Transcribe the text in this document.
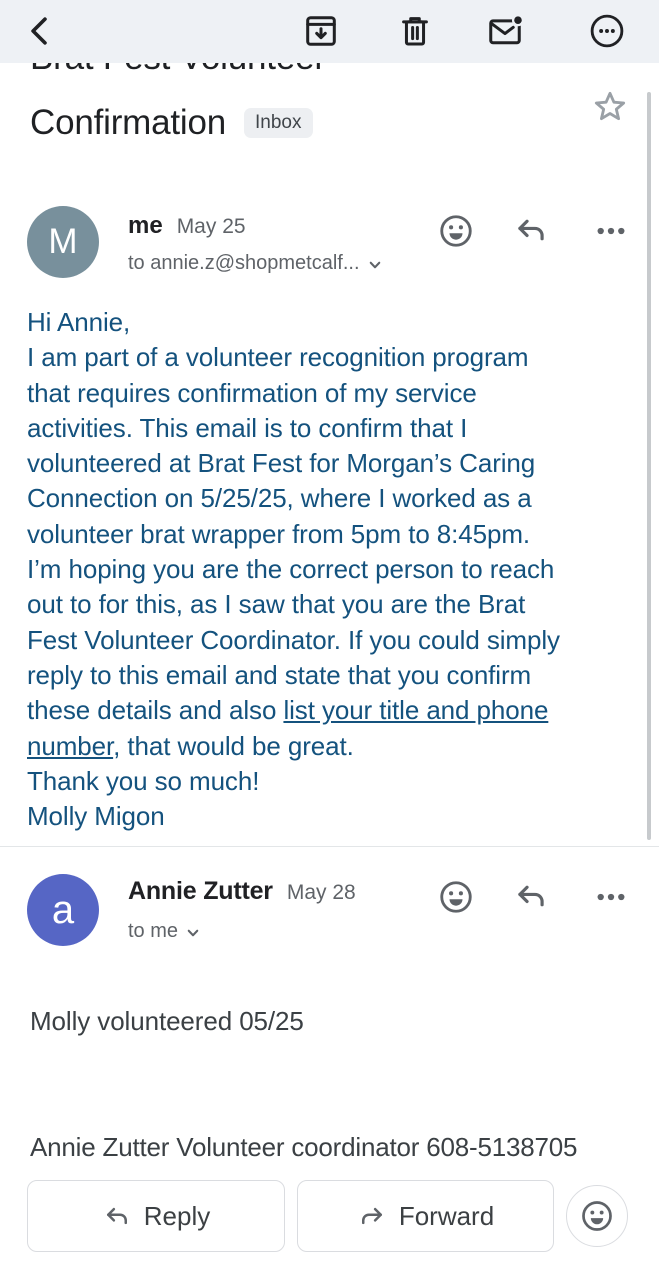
Confirmation	Inbox
M	me May 25
to annie.z@shopmetcalf...
Hi Annie,
I am part of a volunteer recognition program
that requires confirmation of my service
activities. This email is to confirm that I
volunteered at Brat Fest for Morgan’s Caring
Connection on 5/25/25, where I worked as a
volunteer brat wrapper from 5pm to 8:45pm.
I’m hoping you are the correct person to reach
out to for this, as I saw that you are the Brat
Fest Volunteer Coordinator. If you could simply
reply to this email and state that you confirm
these details and also list your title and phone
number, that would be great.
Thank you so much!
Molly Migon
a	Annie Zutter May 28
to me
Molly volunteered 05/25
Annie Zutter Volunteer coordinator 608-5138705
Reply	Forward
